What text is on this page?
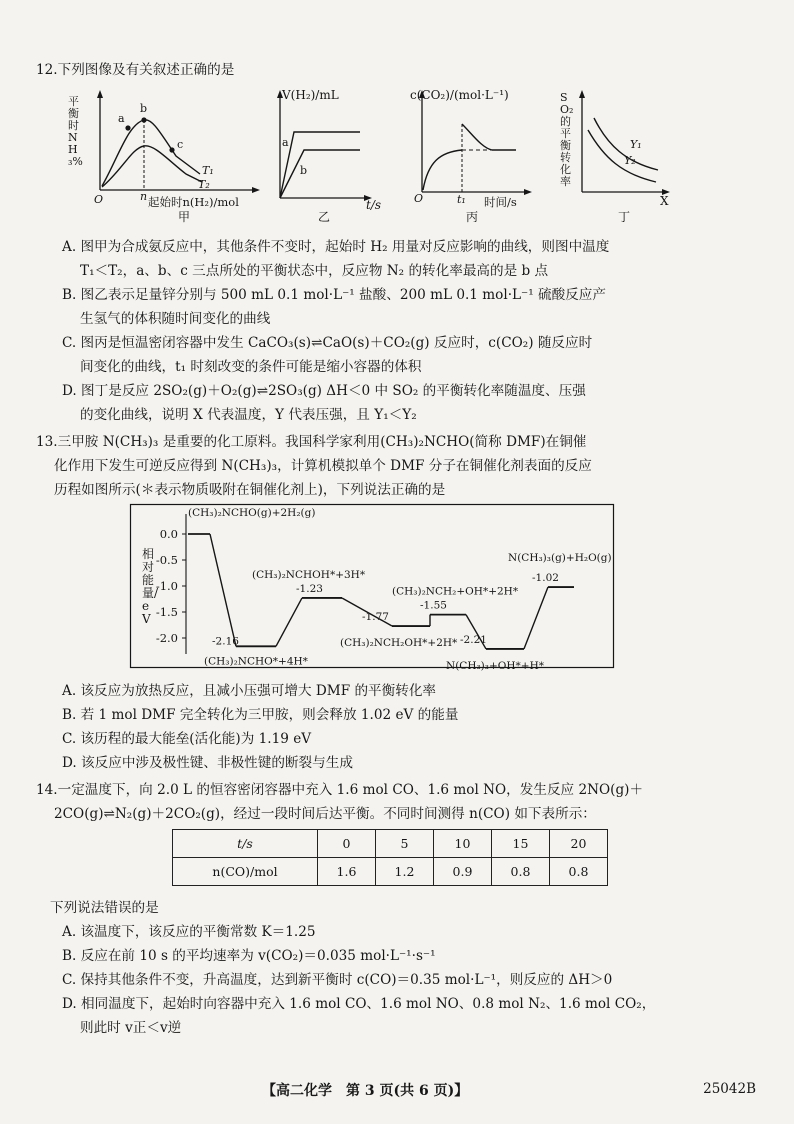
12.下列图像及有关叙述正确的是
平衡时NH₃%
a
b
c
T₁
T₂
O	n 起始时n(H₂)/mol
甲
V(H₂)/mL
a
b
t/s
乙
c(CO₂)/(mol·L⁻¹)
O	t₁ 时间/s
丙
SO₂的平衡转化率
Y₁
Y₂
X
丁
A. 图甲为合成氨反应中，其他条件不变时，起始时 H₂ 用量对反应影响的曲线，则图中温度
T₁＜T₂，a、b、c 三点所处的平衡状态中，反应物 N₂ 的转化率最高的是 b 点
B. 图乙表示足量锌分别与 500 mL 0.1 mol·L⁻¹ 盐酸、200 mL 0.1 mol·L⁻¹ 硫酸反应产
生氢气的体积随时间变化的曲线
C. 图丙是恒温密闭容器中发生 CaCO₃(s)⇌CaO(s)＋CO₂(g) 反应时，c(CO₂) 随反应时
间变化的曲线，t₁ 时刻改变的条件可能是缩小容器的体积
D. 图丁是反应 2SO₂(g)＋O₂(g)⇌2SO₃(g) ΔH＜0 中 SO₂ 的平衡转化率随温度、压强
的变化曲线，说明 X 代表温度，Y 代表压强，且 Y₁＜Y₂
13.三甲胺 N(CH₃)₃ 是重要的化工原料。我国科学家利用(CH₃)₂NCHO(简称 DMF)在铜催
化作用下发生可逆反应得到 N(CH₃)₃，计算机模拟单个 DMF 分子在铜催化剂表面的反应
历程如图所示(＊表示物质吸附在铜催化剂上)，下列说法正确的是
0.0
-0.5
-1.0
-1.5
-2.0
(CH₃)₂NCHO(g)+2H₂(g)
(CH₃)₂NCHO*+4H*
-2.16
(CH₃)₂NCHOH*+3H*
-1.23
(CH₃)₂NCH₂OH*+2H*
-1.77
(CH₃)₂NCH₂+OH*+2H*
-1.55
N(CH₃)₃+OH*+H*
-2.21
N(CH₃)₃(g)+H₂O(g)
-1.02
相对能量/eV
A. 该反应为放热反应，且减小压强可增大 DMF 的平衡转化率
B. 若 1 mol DMF 完全转化为三甲胺，则会释放 1.02 eV 的能量
C. 该历程的最大能垒(活化能)为 1.19 eV
D. 该反应中涉及极性键、非极性键的断裂与生成
14.一定温度下，向 2.0 L 的恒容密闭容器中充入 1.6 mol CO、1.6 mol NO，发生反应 2NO(g)＋
2CO(g)⇌N₂(g)＋2CO₂(g)，经过一段时间后达平衡。不同时间测得 n(CO) 如下表所示：
t/s	0	5	10	15	20
n(CO)/mol	1.6	1.2	0.9	0.8	0.8
下列说法错误的是
A. 该温度下，该反应的平衡常数 K＝1.25
B. 反应在前 10 s 的平均速率为 v(CO₂)＝0.035 mol·L⁻¹·s⁻¹
C. 保持其他条件不变，升高温度，达到新平衡时 c(CO)＝0.35 mol·L⁻¹，则反应的 ΔH＞0
D. 相同温度下，起始时向容器中充入 1.6 mol CO、1.6 mol NO、0.8 mol N₂、1.6 mol CO₂，
则此时 v正＜v逆
【高二化学　第 3 页(共 6 页)】	25042B
